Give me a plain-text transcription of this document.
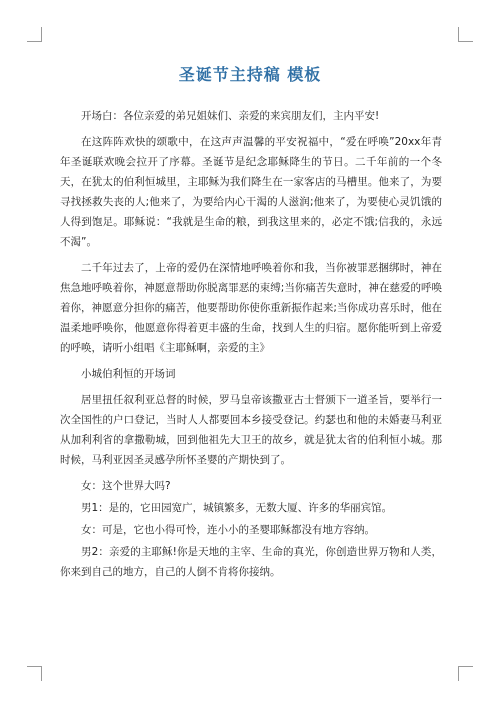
圣诞节主持稿 模板

开场白：各位亲爱的弟兄姐妹们、亲爱的来宾朋友们，主内平安!

在这阵阵欢快的颂歌中，在这声声温馨的平安祝福中，“爱在呼唤”20xx年青年圣诞联欢晚会拉开了序幕。圣诞节是纪念耶稣降生的节日。二千年前的一个冬天，在犹太的伯利恒城里，主耶稣为我们降生在一家客店的马槽里。他来了，为要寻找拯救失丧的人;他来了，为要给内心干渴的人滋润;他来了，为要使心灵饥饿的人得到饱足。耶稣说：“我就是生命的粮，到我这里来的，必定不饿;信我的，永远不渴”。

二千年过去了，上帝的爱仍在深情地呼唤着你和我，当你被罪恶捆绑时，神在焦急地呼唤着你，神愿意帮助你脱离罪恶的束缚;当你痛苦失意时，神在慈爱的呼唤着你，神愿意分担你的痛苦，他要帮助你使你重新振作起来;当你成功喜乐时，他在温柔地呼唤你，他愿意你得着更丰盛的生命，找到人生的归宿。愿你能听到上帝爱的呼唤，请听小组唱《主耶稣啊，亲爱的主》

小城伯利恒的开场词

居里扭任叙利亚总督的时候，罗马皇帝该撒亚古士督颁下一道圣旨，要举行一次全国性的户口登记，当时人人都要回本乡接受登记。约瑟也和他的未婚妻马利亚从加利利省的拿撒勒城，回到他祖先大卫王的故乡，就是犹太省的伯利恒小城。那时候，马利亚因圣灵感孕所怀圣婴的产期快到了。

女：这个世界大吗?

男1：是的，它田园宽广，城镇繁多，无数大厦、许多的华丽宾馆。

女：可是，它也小得可怜，连小小的圣婴耶稣都没有地方容纳。

男2：亲爱的主耶稣!你是天地的主宰、生命的真光，你创造世界万物和人类，你来到自己的地方，自己的人倒不肯将你接纳。
